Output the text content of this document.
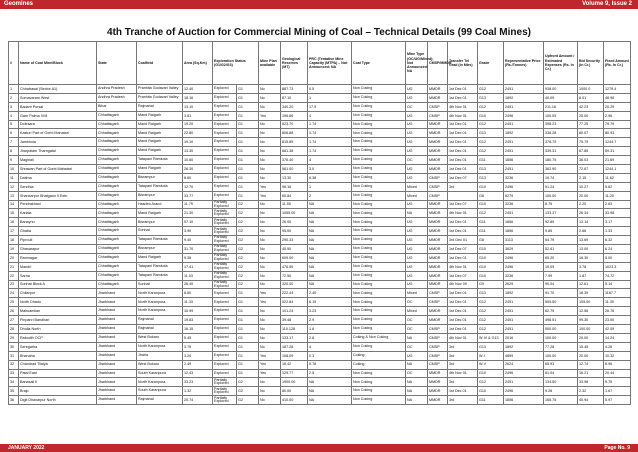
Geomines	Volume 9, Issue 2
4th Tranche of Auction for Commercial Mining of Coal – Technical Details (99 Coal Mines)
#	Name of Coal Mine/Block	State	Coalfield	Area (Sq.Km)	Exploration Status (G1/G2/G3)		Mine Plan available	Geological Reserves (MT)	PRC (Tentative Mine Capacity (MTPA) – Not Announced: NA	Coal Type	Mine Type (OC/UG/Mixed); Not Announced: NA	CMSP/MMDR	Transfer Tel Grad (in Mtrs)	Grade	Representative Price (Rs./Tonnes)	Upfront Amount / Estimated Expenses (Rs. In Cr.)	Bid Security (in Cr.)	Fixed Amount (Rs. In Cr.)
1	Chhatrasal (Sector A1)	Andhra Pradesh	Pranhita Godavari Valley	12.40	Explored	G1	No	887.73	0.5	Non Coking	UG	MMDR	1st Dec 01	G12	2451	938.00	1000.0	1279.4
2	Somavaram West	Andhra Pradesh	Pranhita Godavari Valley	18.16	Explored	G1	No	87.10	1	Non Coking	UG	MMDR	1st Dec 01	G13	1892	40.09	8.01	48.98
3	Badam Pursai	Bihar	Rajmahal	13.10	Explored	G1	No	340.20	17.9	Non Coking	OC	CMSP	4th Nov 01	G12	2451	211.16	42.23	20.29
4	Gare Palma IV/8	Chhattisgarh	Mand Raigarh	3.81	Explored	G1	Yes	196.86	4	Non Coking	UG	CMSP	4th Nov 01	G10	2496	100.05	25.00	2.96
5	Dolesara	Chhattisgarh	Mand Raigarh	19.20	Explored	G1	No	623.70	1.74	Non Coking	UG	MMDR	1st Dec 01	G12	2451	398.23	77.25	79.79
6	Kasturi Part of Gorbi Mahatari	Chhattisgarh	Mand Raigarh	22.80	Explored	G1	No	806.88	1.74	Non Coking	UG	MMDR	1st Dec 01	G13	1892	338.28	80.07	80.93
7	Jamkhola	Chhattisgarh	Mand Raigarh	19.10	Explored	G1	No	815.85	1.74	Non Coking	UG	MMDR	1st Dec 01	G12	2451	376.79	75.79	1244.7
8	Jharpalam Tharngatal	Chhattisgarh	Mand Raigarh	13.30	Explored	G1	No	681.38	1.74	Non Coking	UG	MMDR	1st Dec 01	G12	2451	339.31	67.85	69.31
9	Maginali	Chhattisgarh	Tatapani Ramkola	10.60	Explored	G1	No	376.40	4	Non Coking	OC	MMDR	1st Dec 01	G11	1856	180.75	36.03	21.69
10	Shrawan Part of Gorbi Mahatari	Chhattisgarh	Mand Raigarh	28.30	Explored	G1	No	981.00	3.0	Non Coking	UG	MMDR	1st Dec 01	G13	2451	362.90	72.67	1244.1
11	Datima	Chhattisgarh	Bisrampur	8.60	Explored	G1	No	13.30	0.38	Non Coking	UG	CMSP	1st Dec 07	G13	3236	10.74	2.15	11.62
12	Sendhia	Chhattisgarh	Tatapani Ramkola	12.70	Explored	G1	Yes	96.16	1	Non Coking	Mixed	CMSP	3rd	G10	2496	51.24	10.27	5.62
13	Shankarpur Bhatgaon II Extn	Chhattisgarh	Bisrampur	33.77	Explored	G1	Yes	60.84	2	Non Coking	Mixed	CMSP		G8	6279	100.00	20.00	11.20
14	Pendrakhani	Chhattisgarh	Hasdeo Arand	11.79	Partially Explored	G2	No	11.00	NA	Non Coking	UG	MMDR	1st Dec 07	G10	3236	8.75	2.20	2.63
15	Karlaia	Chhattisgarh	Mand Raigarh	21.30	Partially Explored	G2	No	1055.00	NA	Non Coking	NA	MMDR	4th Nov 01	G12	2451	133.37	26.34	33.98
16	Banaynu	Chhattisgarh	Bisrampur	57.10	Partially Explored	G2	No	26.00	NA	Non Coking	UG	MMDR	1st Dec 01	G11	1856	92.89	13.14	3.17
17	Ghatia	Chhattisgarh	Sonhat	3.90	Partially Explored	G2	No	95.00	NA	Non Coking	UG	MMDR	1st Dec 01	G11	1856	9.85	2.66	1.33
18	Piprouli	Chhattisgarh	Tatapani Ramkola	9.40	Partially Explored	G2	No	290.33	NA	Non Coking	UG	MMDR	3rd Dec 01	G8	3113	54.79	13.69	6.32
19	Ghasarapur	Chhattisgarh	Bisrampur	31.70	Partially Explored	G2	No	45.50	NA	Non Coking	UG	MMDR	1st Dec 07	G10	3629	52.61	13.00	6.24
20	Ramnagar	Chhattisgarh	Mand Raigarh	9.36	Partially Explored	G2	No	609.00	NA	Non Coking	UG	MMDR	1st Dec 01	G10	2496	65.20	16.30	5.00
21	Mandri	Chhattisgarh	Tatapani Ramkola	17.41	Partially Explored	G2	No	476.56	NA	Non Coking	UG	MMDR	4th Nov 01	G10	2496	19.09	3.78	1023.3
22	Sarna	Chhattisgarh	Tatapani Ramkola	11.03	Partially Explored	G2	No	72.50	NA	Non Coking	UG	MMDR	1st Dec 07	G10	3236	7.99	1.87	74.72
23	Sonhat Block A	Chhattisgarh	Sonhat	26.40	Partially Explored	G2	No	320.00	NA	Non Coking	UG	MMDR	4th Nov 09	G9	2629	90.04	12.61	5.14
24	Chitarpur	Jharkhand	North Karanpura	8.60	Explored	G1	Yes	222.44	2.40	Non Coking	Mixed	CMSP	1st Dec 01	G13	1892	91.70	18.39	1167.7
25	North Dhadu	Jharkhand	North Karanpura	11.33	Explored	G1	Yes	522.84	6.19	Non Coking	OC	CMSP	1st Dec 01	G12	2451	505.50	105.00	11.30
26	Mahuamilan	Jharkhand	North Karanpura	10.99	Explored	G1	No	101.24	3.23	Non Coking	Mixed	MMDR	1st Dec 01	G12	2451	62.79	12.56	26.76
27	Pinpanri Bandhari	Jharkhand	Rajmahal	19.83	Explored	G1	No	39.48	2.9	Non Coking	OC	MMDR	1st Dec 01	G12	2451	496.51	99.30	23.00
28	Dhulia North	Jharkhand	Rajmahal	16.15	Explored	G1	No	110.128	1.6	Non Coking	OC	CMSP	1st Dec 01	G12	2451	500.00	100.00	42.09
29	Rabodih OCP	Jharkhand	West Bokaro	5.45	Explored	G1	No	133.17	2.8	Coking & Non Coking	NA	CMSP	4th Nov 01	W-IV & G13	2016	100.00	20.00	14.24
30	Seregarha	Jharkhand	North Karanpura	3.75	Explored	G1	No	187.28	4	Non Coking	OC	CMSP	3rd	G13	1892	77.28	15.45	4.26
31	Bhanaha	Jharkhand	Jharia	3.20	Explored	G1	Yes	108.09	0.3	Coking	UG	CMSP	3rd	W-I	4899	100.00	20.00	10.32
32	Chandrad Tilaiya	Jharkhand	West Bokaro	2.49	Explored	G1	Yes	16.42	0.78	Coking	NA	CMSP	3rd	W-V	2624	65.93	12.74	6.96
33	Patal East	Jharkhand	South Karanpura	12.43	Explored	G1	Yes	129.77	2.5	Non Coking	OC	MMDR	4th Nov 01	G10	2496	61.04	16.21	20.44
34	Banasali II	Jharkhand	North Karanpura	33.23	Partially Explored	G2	No	1900.00	NA	Non Coking	NA	MMDR	3rd	G12	2451	134.50	33.98	9.75
35	Brajo	Jharkhand	South Karanpura	1.32	Partially Explored	G2	No	80.00	NA	Non Coking	NA	MMDR	1st Dec 01	G10	2496	9.28	2.32	1.67
36	Digit Dhavarpur North	Jharkhand	Rajmahal	20.74	Partially Explored	G2	No	410.00	NA	Non Coking	NA	MMDR	3rd	G11	1856	165.75	40.94	5.97
JANUARY 2022	Page No. 9
